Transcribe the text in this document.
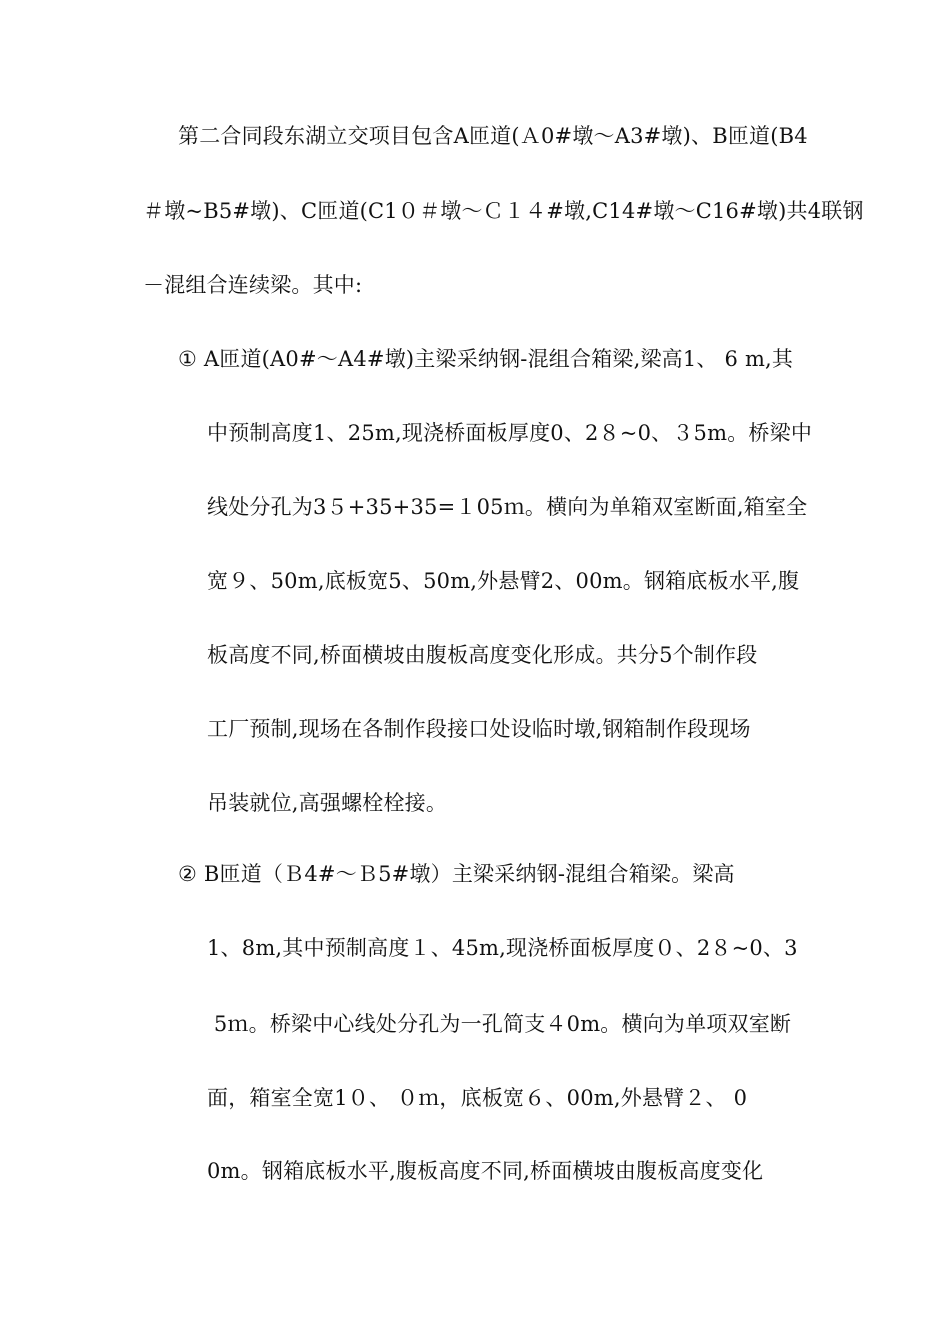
第二合同段东湖立交项目包含A匝道(Ａ0#墩～A3#墩)、B匝道(B4
＃墩~B5#墩)、C匝道(C1０＃墩～Ｃ１４#墩,C14#墩～C16#墩)共4联钢
－混组合连续梁。其中:
① A匝道(A0#～A4#墩)主梁采纳钢-混组合箱梁,梁高1、 6 m,其
中预制高度1、25m,现浇桥面板厚度0、2８~0、３5m。桥梁中
线处分孔为3５+35+35=１05ｍ。横向为单箱双室断面,箱室全
宽９、50m,底板宽5、50m,外悬臂2、00m。钢箱底板水平,腹
板高度不同,桥面横坡由腹板高度变化形成。共分5个制作段
工厂预制,现场在各制作段接口处设临时墩,钢箱制作段现场
吊装就位,高强螺栓栓接。
② B匝道（Ｂ4#～Ｂ5#墩）主梁采纳钢-混组合箱梁。梁高
1、8m,其中预制高度１、45m,现浇桥面板厚度０、2８~0、3
5ｍ。桥梁中心线处分孔为一孔简支４0m。横向为单项双室断
面，箱室全宽1０、 ０ｍ，底板宽６、00m,外悬臂２、 0
0m。钢箱底板水平,腹板高度不同,桥面横坡由腹板高度变化
